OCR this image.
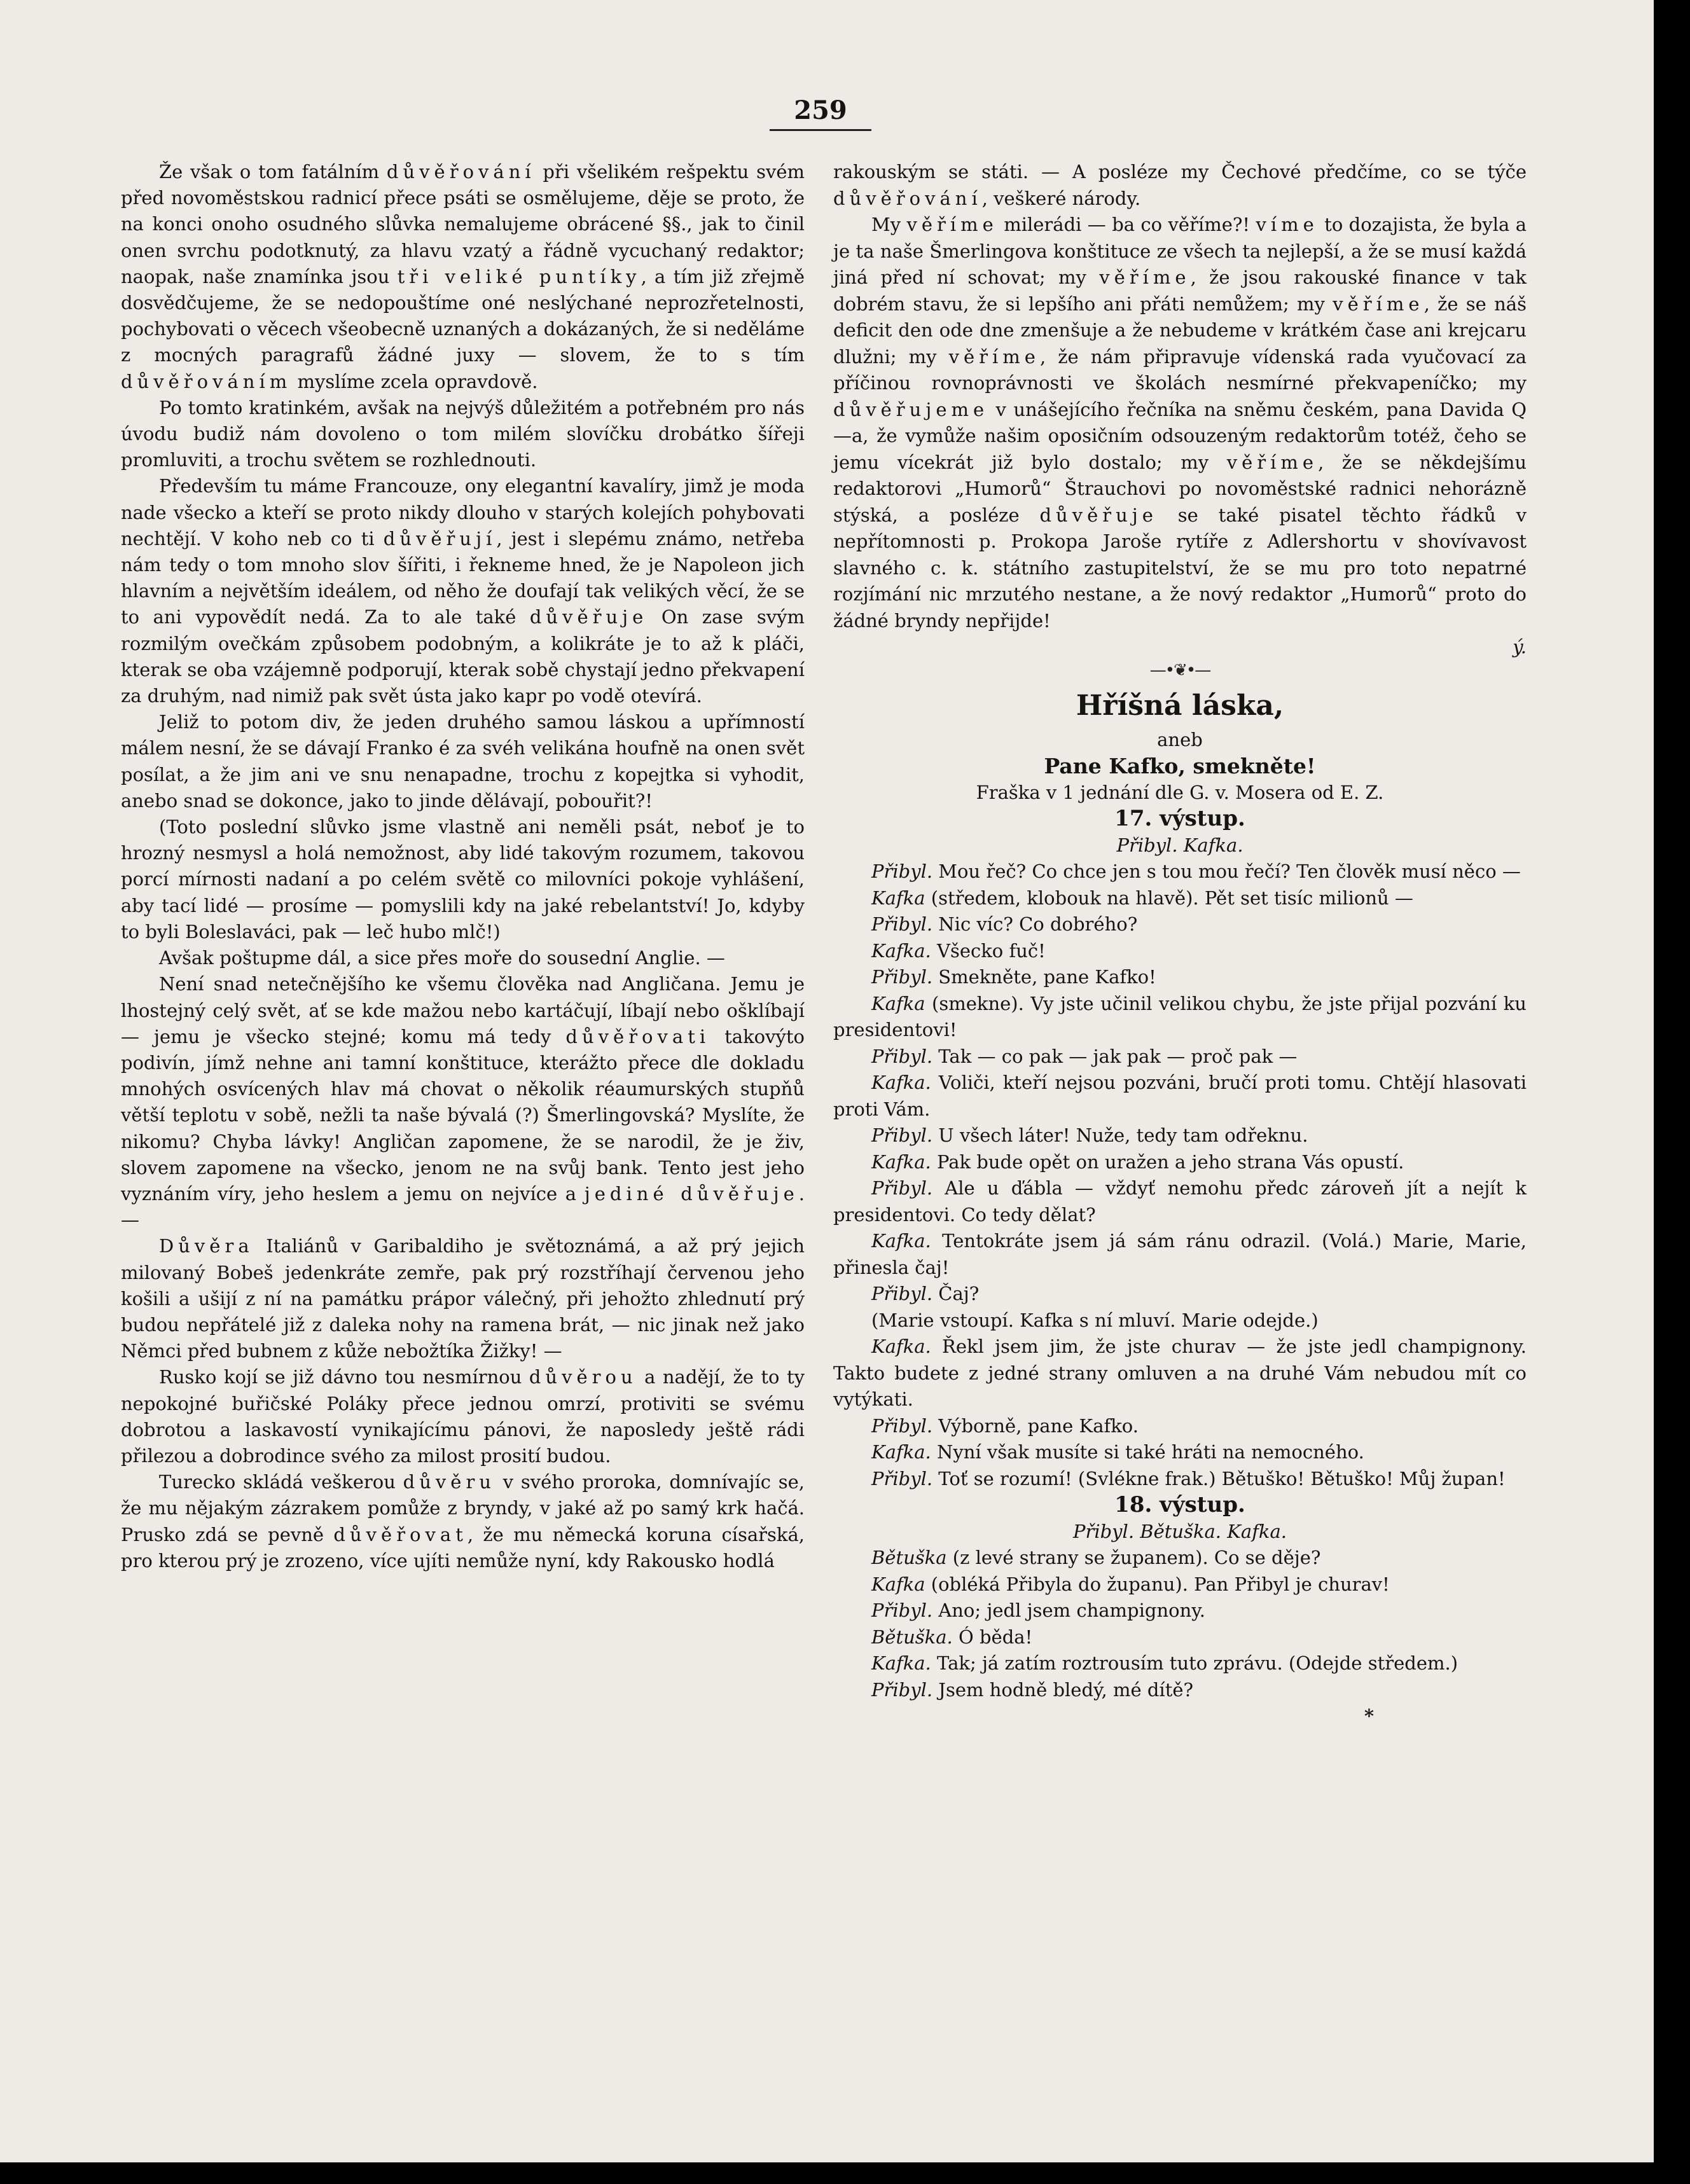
259

Že však o tom fatálním důvěřování při všelikém rešpektu svém před novoměstskou radnicí přece psáti se osmělujeme, děje se proto, že na konci onoho osudného slůvka nemalujeme obrácené §§., jak to činil onen svrchu podotknutý, za hlavu vzatý a řádně vycuchaný redaktor; naopak, naše znamínka jsou tři veliké puntíky, a tím již zřejmě dosvědčujeme, že se nedopouštíme oné neslýchané neprozřetelnosti, pochybovati o věcech všeobecně uznaných a dokázaných, že si neděláme z mocných paragrafů žádné juxy — slovem, že to s tím důvěřováním myslíme zcela opravdově.

Po tomto kratinkém, avšak na nejvýš důležitém a potřebném pro nás úvodu budiž nám dovoleno o tom milém slovíčku drobátko šířeji promluviti, a trochu světem se rozhlednouti.

Především tu máme Francouze, ony elegantní kavalíry, jimž je moda nade všecko a kteří se proto nikdy dlouho v starých kolejích pohybovati nechtějí. V koho neb co ti důvěřují, jest i slepému známo, netřeba nám tedy o tom mnoho slov šířiti, i řekneme hned, že je Napoleon jich hlavním a největším ideálem, od něho že doufají tak velikých věcí, že se to ani vypovědít nedá. Za to ale také důvěřuje On zase svým rozmilým ovečkám způsobem podobným, a kolikráte je to až k pláči, kterak se oba vzájemně podporují, kterak sobě chystají jedno překvapení za druhým, nad nimiž pak svět ústa jako kapr po vodě otevírá.

Jeliž to potom div, že jeden druhého samou láskou a upřímností málem nesní, že se dávají Franko é za svéh velikána houfně na onen svět posílat, a že jim ani ve snu nenapadne, trochu z kopejtka si vyhodit, anebo snad se dokonce, jako to jinde dělávají, pobouřit?!

(Toto poslední slůvko jsme vlastně ani neměli psát, neboť je to hrozný nesmysl a holá nemožnost, aby lidé takovým rozumem, takovou porcí mírnosti nadaní a po celém světě co milovníci pokoje vyhlášení, aby tací lidé — prosíme — pomyslili kdy na jaké rebelantství! Jo, kdyby to byli Boleslaváci, pak — leč hubo mlč!)

Avšak poštupme dál, a sice přes moře do sousední Anglie. —

Není snad netečnějšího ke všemu člověka nad Angličana. Jemu je lhostejný celý svět, ať se kde mažou nebo kartáčují, líbají nebo ošklíbají — jemu je všecko stejné; komu má tedy důvěřovati takovýto podivín, jímž nehne ani tamní konštituce, kterážto přece dle dokladu mnohých osvícených hlav má chovat o několik réaumurských stupňů větší teplotu v sobě, nežli ta naše bývalá (?) Šmerlingovská? Myslíte, že nikomu? Chyba lávky! Angličan zapomene, že se narodil, že je živ, slovem zapomene na všecko, jenom ne na svůj bank. Tento jest jeho vyznáním víry, jeho heslem a jemu on nejvíce a jediné důvěřuje. —

Důvěra Italiánů v Garibaldiho je světoznámá, a až prý jejich milovaný Bobeš jedenkráte zemře, pak prý rozstříhají červenou jeho košili a ušijí z ní na památku prápor válečný, při jehožto zhlednutí prý budou nepřátelé již z daleka nohy na ramena brát, — nic jinak než jako Němci před bubnem z kůže nebožtíka Žižky! —

Rusko kojí se již dávno tou nesmírnou důvěrou a nadějí, že to ty nepokojné buřičské Poláky přece jednou omrzí, protiviti se svému dobrotou a laskavostí vynikajícímu pánovi, že naposledy ještě rádi přilezou a dobrodince svého za milost prosití budou.

Turecko skládá veškerou důvěru v svého proroka, domnívajíc se, že mu nějakým zázrakem pomůže z bryndy, v jaké až po samý krk hačá. Prusko zdá se pevně důvěřovat, že mu německá koruna císařská, pro kterou prý je zrozeno, více ujíti nemůže nyní, kdy Rakousko hodlá

rakouským se státi. — A posléze my Čechové předčíme, co se týče důvěřování, veškeré národy.

My věříme milerádi — ba co věříme?! víme to dozajista, že byla a je ta naše Šmerlingova konštituce ze všech ta nejlepší, a že se musí každá jiná před ní schovat; my věříme, že jsou rakouské finance v tak dobrém stavu, že si lepšího ani přáti nemůžem; my věříme, že se náš deficit den ode dne zmenšuje a že nebudeme v krátkém čase ani krejcaru dlužni; my věříme, že nám připravuje vídenská rada vyučovací za příčinou rovnoprávnosti ve školách nesmírné překvapeníčko; my důvěřujeme v unášejícího řečníka na sněmu českém, pana Davida Q—a, že vymůže našim oposičním odsouzeným redaktorům totéž, čeho se jemu vícekrát již bylo dostalo; my věříme, že se někdejšímu redaktorovi „Humorů“ Štrauchovi po novoměstské radnici nehorázně stýská, a posléze důvěřuje se také pisatel těchto řádků v nepřítomnosti p. Prokopa Jaroše rytíře z Adlershortu v shovívavost slavného c. k. státního zastupitelství, že se mu pro toto nepatrné rozjímání nic mrzutého nestane, a že nový redaktor „Humorů“ proto do žádné bryndy nepřijde!

ý.

—•❦•—
Hříšná láska,

aneb

Pane Kafko, smekněte!

Fraška v 1 jednání dle G. v. Mosera od E. Z.

17. výstup.

Přibyl. Kafka.

Přibyl. Mou řeč? Co chce jen s tou mou řečí? Ten člověk musí něco —

Kafka (středem, klobouk na hlavě). Pět set tisíc milionů —

Přibyl. Nic víc? Co dobrého?

Kafka. Všecko fuč!

Přibyl. Smekněte, pane Kafko!

Kafka (smekne). Vy jste učinil velikou chybu, že jste přijal pozvání ku presidentovi!

Přibyl. Tak — co pak — jak pak — proč pak —

Kafka. Voliči, kteří nejsou pozváni, bručí proti tomu. Chtějí hlasovati proti Vám.

Přibyl. U všech láter! Nuže, tedy tam odřeknu.

Kafka. Pak bude opět on uražen a jeho strana Vás opustí.

Přibyl. Ale u ďábla — vždyť nemohu předc zároveň jít a nejít k presidentovi. Co tedy dělat?

Kafka. Tentokráte jsem já sám ránu odrazil. (Volá.) Marie, Marie, přinesla čaj!

Přibyl. Čaj?

(Marie vstoupí. Kafka s ní mluví. Marie odejde.)

Kafka. Řekl jsem jim, že jste churav — že jste jedl champignony. Takto budete z jedné strany omluven a na druhé Vám nebudou mít co vytýkati.

Přibyl. Výborně, pane Kafko.

Kafka. Nyní však musíte si také hráti na nemocného.

Přibyl. Toť se rozumí! (Svlékne frak.) Bětuško! Bětuško! Můj župan!

18. výstup.

Přibyl. Bětuška. Kafka.

Bětuška (z levé strany se županem). Co se děje?

Kafka (obléká Přibyla do županu). Pan Přibyl je churav!

Přibyl. Ano; jedl jsem champignony.

Bětuška. Ó běda!

Kafka. Tak; já zatím roztrousím tuto zprávu. (Odejde středem.)

Přibyl. Jsem hodně bledý, mé dítě?

*
